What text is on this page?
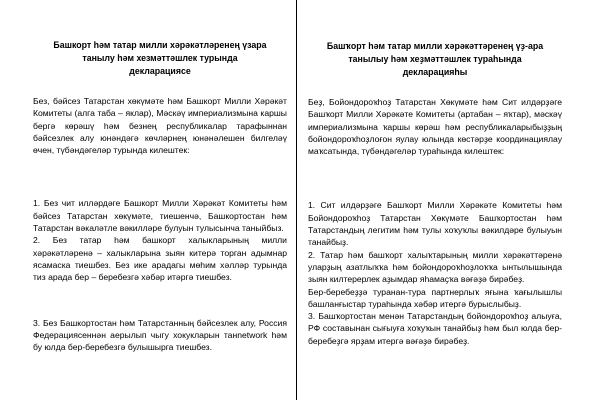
Башкорт һәм татар милли хәрәкәтләренең үзара
танылу һәм хезмәттәшлек турында
декларациясе

Без, бәйсез Татарстан хөкүмәте һәм Башкорт Милли Хәрәкәт Комитеты (алга таба – яклар), Мәскәү империализмына каршы бергә көрәшү һәм безнең республикалар тарафыннан бәйсезлек алу юнәндәгә көчләрнең юнәнәлешен билгеләү өчен, түбәндәгеләр турында килештек:

1. Без чит илләрдәге Башкорт Милли Хәрәкәт Комитеты һәм бәйсез Татарстан хөкүмәте, тиешенчә, Башкортостан һәм Татарстан вәкаләтле вәкилләре булуын тулысынча таныйбыз.

2. Без татар һәм башкорт халыкларының милли хәрәкәтләренә – халыкларына зыян китерә торган адымнар ясамаска тиешбез. Без икe арадагы мөһим хәлләр турында тиз арада бер – беребезгә хәбәр итәргә тиешбез.

3. Без Башкортостан һәм Татарстанның бәйсезлек алу, Россия Федерациясеннән аерылып чыгу хокукларын танnetwork һәм бу юлда бер-беребезгә булышырга тиешбез.

Башҡорт һәм татар милли хәрәкәттәренең үҙ-ара
танылыу һәм хеҙмәттәшлек тураһында
декларацияһы

Беҙ, Бойондороҡһоҙ Татарстан Хөкүмәте һәм Сит илдәрҙәге Башҡорт Милли Хәрәкәте Комитеты (артабан – яҡтар), мәскәү империализмына ҡаршы көрәш һәм республикаларыбыҙҙың бойондороҡһоҙлоғон яулау юлында көстәрҙе координациялау маҡсатында, түбәндәгеләр тураһында килештек:

1. Сит илдәрҙәге Башҡорт Милли Хәрәкәте Комитеты һәм Бойондороҡһоҙ Татарстан Хөкүмәте Башҡортостан һәм Татарстандың легитим һәм тулы хоҡуҡлы вәкилдәре булыуын танайбыҙ.

2. Татар һәм башҡорт халыҡтарының милли хәрәкәттәренә уларҙың азатлыҡҡа һәм бойондороҡһоҙлоҡҡа ынтылышында зыян килтерерлек аҙымдар яһамаҫҡа вәғәҙә бирәбеҙ.

Бер-беребеҙҙә туранан-тура партнерлыҡ яғына ҡағылышлы башланғыстар тураһында хәбәр итергә бурыслыбыҙ.

3. Башҡортостан менән Татарстандың бойондороҡһоҙ алыуға, РФ составынан сығыуға хоҡуҡын танайбыҙ һәм был юлда бер-беребеҙгә ярҙам итергә вәғәҙә бирәбеҙ.
